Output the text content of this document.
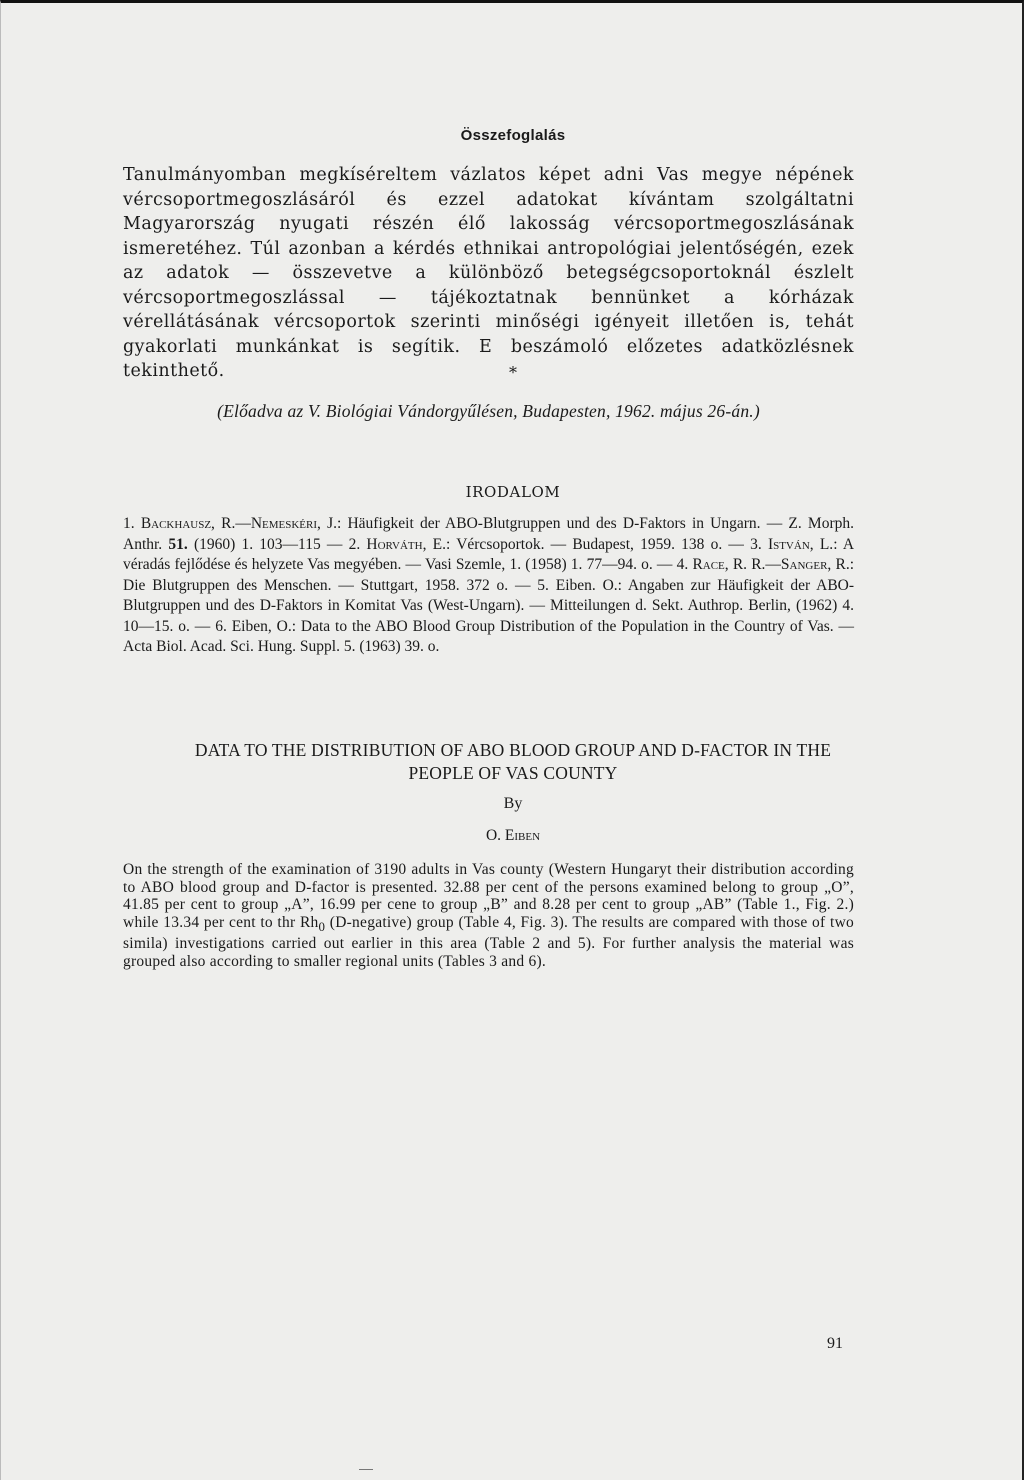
Összefoglalás

Tanulmányomban megkíséreltem vázlatos képet adni Vas megye népének vércsoportmegoszlásáról és ezzel adatokat kívántam szolgáltatni Magyarország nyugati részén élő lakosság vércsoportmegoszlásának ismeretéhez. Túl azonban a kérdés ethnikai antropológiai jelentőségén, ezek az adatok — összevetve a különböző betegségcsoportoknál észlelt vércsoportmegoszlással — tájékoztatnak bennünket a kórházak vérellátásának vércsoportok szerinti minőségi igényeit illetően is, tehát gyakorlati munkánkat is segítik. E beszámoló előzetes adatközlésnek tekinthető.	*
(Előadva az V. Biológiai Vándorgyűlésen, Budapesten, 1962. május 26-án.)
IRODALOM

1. Backhausz, R.—Nemeskéri, J.: Häufigkeit der ABO-Blutgruppen und des D-Faktors in Ungarn. — Z. Morph. Anthr. 51. (1960) 1. 103—115 — 2. Horváth, E.: Vércsoportok. — Budapest, 1959. 138 o. — 3. István, L.: A véradás fejlődése és helyzete Vas megyében. — Vasi Szemle, 1. (1958) 1. 77—94. o. — 4. Race, R. R.—Sanger, R.: Die Blutgruppen des Menschen. — Stuttgart, 1958. 372 o. — 5. Eiben. O.: Angaben zur Häufigkeit der ABO-Blutgruppen und des D-Faktors in Komitat Vas (West-Ungarn). — Mitteilungen d. Sekt. Authrop. Berlin, (1962) 4. 10—15. o. — 6. Eiben, O.: Data to the ABO Blood Group Distribution of the Population in the Country of Vas. — Acta Biol. Acad. Sci. Hung. Suppl. 5. (1963) 39. o.

DATA TO THE DISTRIBUTION OF ABO BLOOD GROUP AND D-FACTOR IN THE
PEOPLE OF VAS COUNTY
By
O. Eiben

On the strength of the examination of 3190 adults in Vas county (Western Hungaryt their distribution according to ABO blood group and D-factor is presented. 32.88 per cent of the persons examined belong to group „O”, 41.85 per cent to group „A”, 16.99 per cene to group „B” and 8.28 per cent to group „AB” (Table 1., Fig. 2.) while 13.34 per cent to thr $Rh_0$ (D-negative) group (Table 4, Fig. 3). The results are compared with those of two simila) investigations carried out earlier in this area (Table 2 and 5). For further analysis the material was grouped also according to smaller regional units (Tables 3 and 6).

91
